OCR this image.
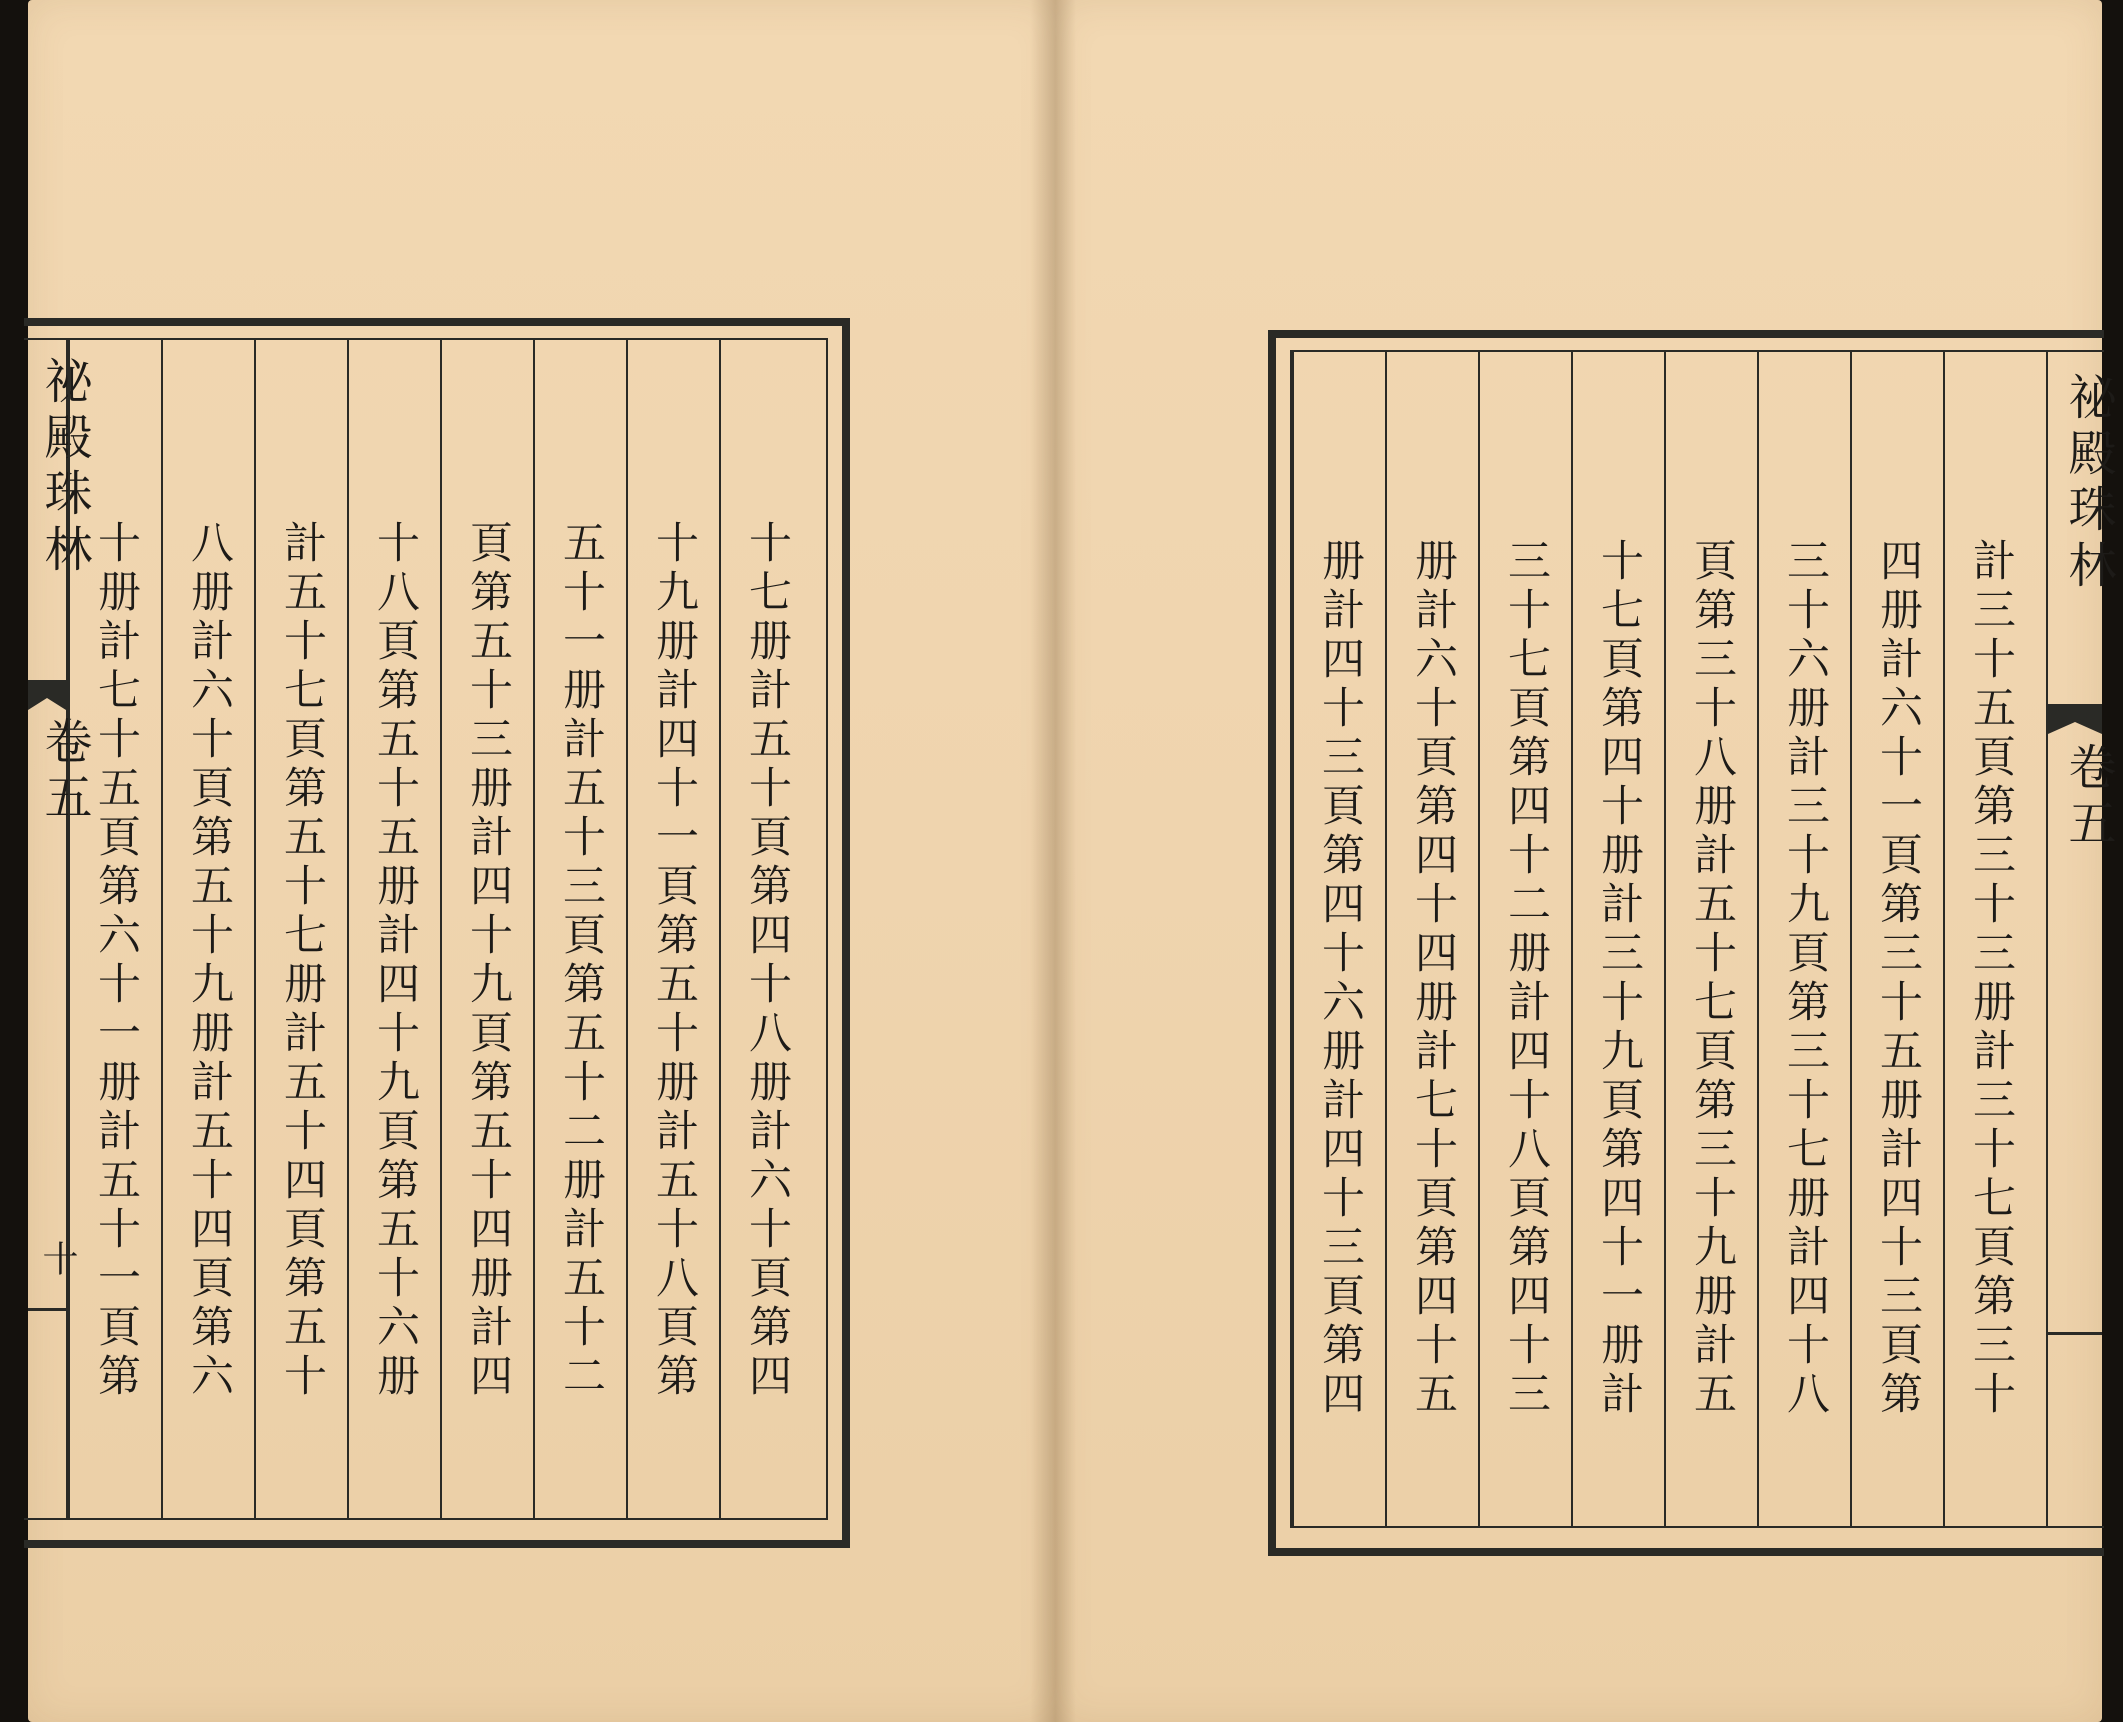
祕殿珠林
卷五
十 十册計七十五頁第六十一册計五十一頁第 八册計六十頁第五十九册計五十四頁第六 計五十七頁第五十七册計五十四頁第五十 十八頁第五十五册計四十九頁第五十六册 頁第五十三册計四十九頁第五十四册計四 五十一册計五十三頁第五十二册計五十二 十九册計四十一頁第五十册計五十八頁第 十七册計五十頁第四十八册計六十頁第四	册計四十三頁第四十六册計四十三頁第四 册計六十頁第四十四册計七十頁第四十五 三十七頁第四十二册計四十八頁第四十三 十七頁第四十册計三十九頁第四十一册計 頁第三十八册計五十七頁第三十九册計五 三十六册計三十九頁第三十七册計四十八 四册計六十一頁第三十五册計四十三頁第 計三十五頁第三十三册計三十七頁第三十
祕殿珠林
卷五
